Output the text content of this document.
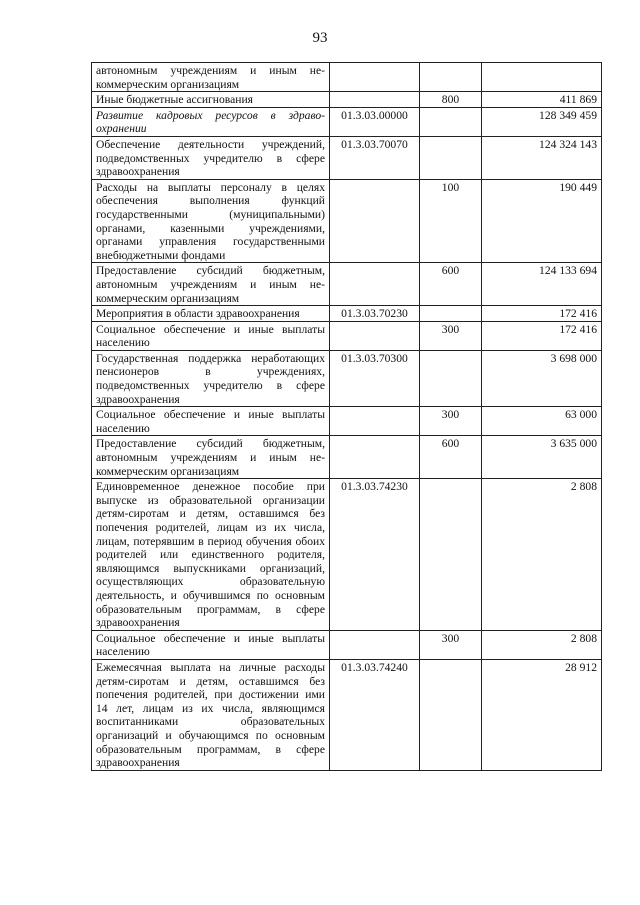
93
автономным учреждениям и иным не-коммерческим организациям			
Иные бюджетные ассигнования		800	411 869
Развитие кадровых ресурсов в здраво-охранении	01.3.03.00000		128 349 459
Обеспечение деятельности учреждений, подведомственных учредителю в сфере здравоохранения	01.3.03.70070		124 324 143
Расходы на выплаты персоналу в целях обеспечения выполнения функций государственными (муниципальными) органами, казенными учреждениями, органами управления государственными внебюджетными фондами		100	190 449
Предоставление субсидий бюджетным, автономным учреждениям и иным не-коммерческим организациям		600	124 133 694
Мероприятия в области здравоохранения	01.3.03.70230		172 416
Социальное обеспечение и иные выплаты населению		300	172 416
Государственная поддержка неработающих пенсионеров в учреждениях, подведомственных учредителю в сфере здравоохранения	01.3.03.70300		3 698 000
Социальное обеспечение и иные выплаты населению		300	63 000
Предоставление субсидий бюджетным, автономным учреждениям и иным не-коммерческим организациям		600	3 635 000
Единовременное денежное пособие при выпуске из образовательной организации детям-сиротам и детям, оставшимся без попечения родителей, лицам из их числа, лицам, потерявшим в период обучения обоих родителей или единственного родителя, являющимся выпускниками организаций, осуществляющих образовательную деятельность, и обучившимся по основным образовательным программам, в сфере здравоохранения	01.3.03.74230		2 808
Социальное обеспечение и иные выплаты населению		300	2 808
Ежемесячная выплата на личные расходы детям-сиротам и детям, оставшимся без попечения родителей, при достижении ими 14 лет, лицам из их числа, являющимся воспитанниками образовательных организаций и обучающимся по основным образовательным программам, в сфере здравоохранения	01.3.03.74240		28 912
